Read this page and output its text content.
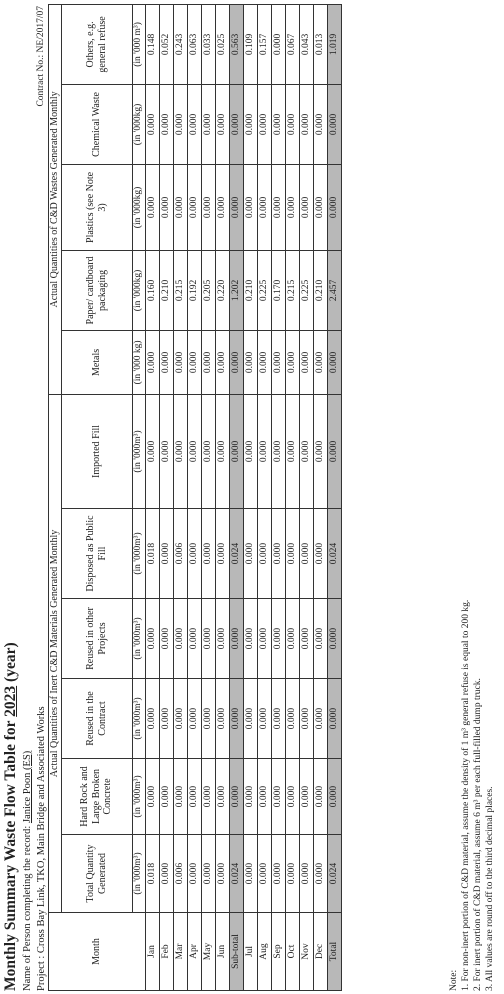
Monthly Summary Waste Flow Table for 2023 (year)
Name of Person completing the record: Janice Poon (ES) Project : Cross Bay Link, TKO, Main Bridge and Associated Works
Contract No.: NE/2017/07
Month	Actual Quantities of Inert C&D Materials Generated Monthly						Actual Quantities of C&D Wastes Generated Monthly				
	Total Quantity Generated	Hard Rock and Large Broken Concrete	Reused in the Contract	Reused in other Projects	Disposed as Public Fill	Imported Fill	Metals	Paper/ cardboard packaging	Plastics (see Note 3)	Chemical Waste	Others, e.g. general refuse
	(in '000m³)	(in '000m³)	(in '000m³)	(in '000m³)	(in '000m³)	(in '000m³)	(in '000 kg)	(in '000kg)	(in '000kg)	(in '000kg)	(in '000 m³)
Jan	0.018	0.000	0.000	0.000	0.018	0.000	0.000	0.160	0.000	0.000	0.148
Feb	0.000	0.000	0.000	0.000	0.000	0.000	0.000	0.210	0.000	0.000	0.052
Mar	0.006	0.000	0.000	0.000	0.006	0.000	0.000	0.215	0.000	0.000	0.243
Apr	0.000	0.000	0.000	0.000	0.000	0.000	0.000	0.192	0.000	0.000	0.063
May	0.000	0.000	0.000	0.000	0.000	0.000	0.000	0.205	0.000	0.000	0.033
Jun	0.000	0.000	0.000	0.000	0.000	0.000	0.000	0.220	0.000	0.000	0.025
Sub-total	0.024	0.000	0.000	0.000	0.024	0.000	0.000	1.202	0.000	0.000	0.563
Jul	0.000	0.000	0.000	0.000	0.000	0.000	0.000	0.210	0.000	0.000	0.109
Aug	0.000	0.000	0.000	0.000	0.000	0.000	0.000	0.225	0.000	0.000	0.157
Sep	0.000	0.000	0.000	0.000	0.000	0.000	0.000	0.170	0.000	0.000	0.000
Oct	0.000	0.000	0.000	0.000	0.000	0.000	0.000	0.215	0.000	0.000	0.067
Nov	0.000	0.000	0.000	0.000	0.000	0.000	0.000	0.225	0.000	0.000	0.043
Dec	0.000	0.000	0.000	0.000	0.000	0.000	0.000	0.210	0.000	0.000	0.013
Total	0.024	0.000	0.000	0.000	0.024	0.000	0.000	2.457	0.000	0.000	1.019
Note: 1. For non-inert portion of C&D material, assume the density of 1 m³ general refuse is equal to 200 kg. 2. For inert portion of C&D material, assume 6 m³ per each full-filled dump truck. 3. All values are round off to the third decimal places.
